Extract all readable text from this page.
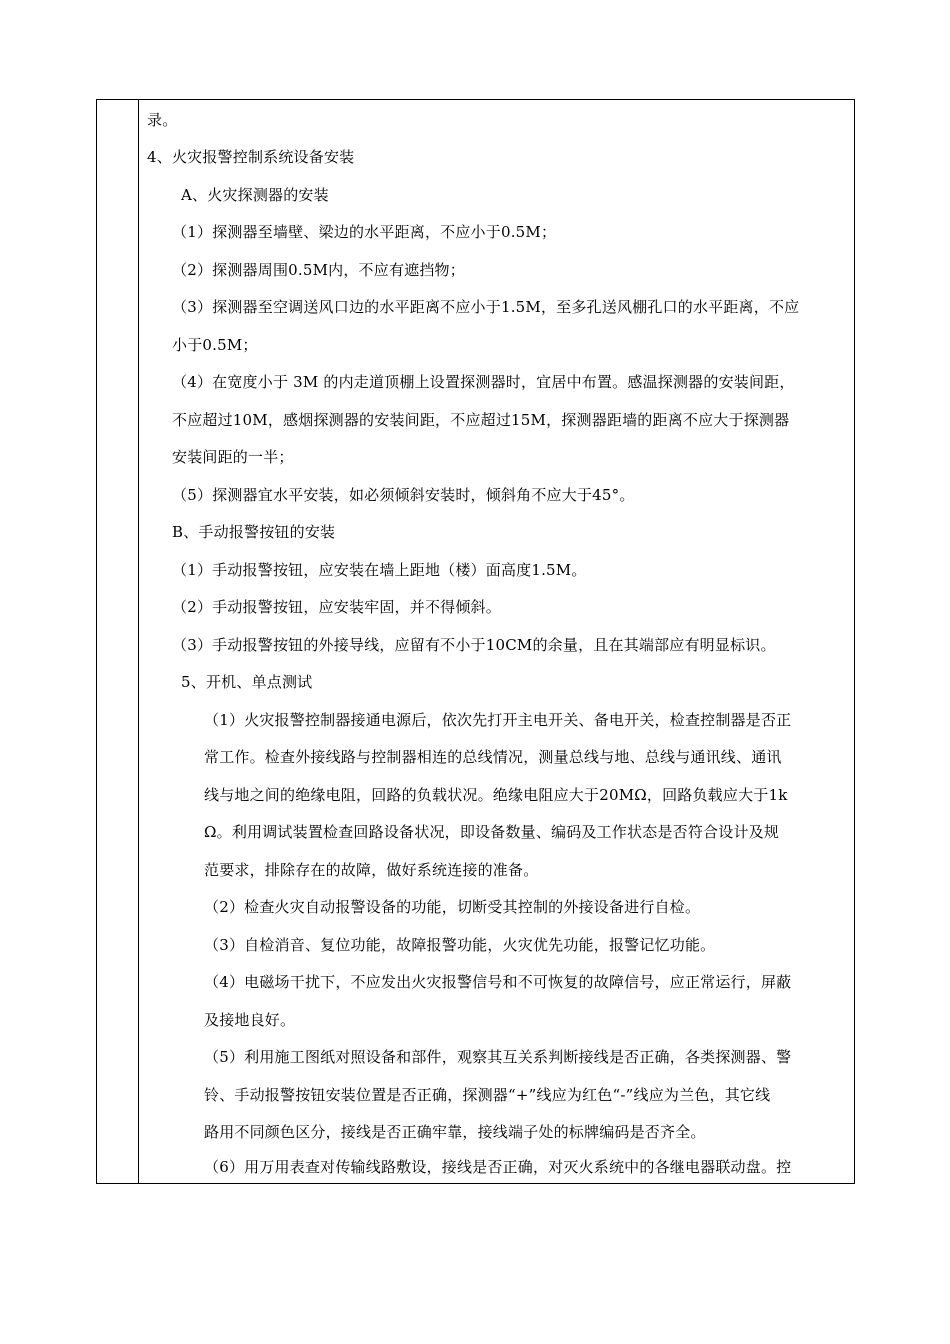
录。
4、火灾报警控制系统设备安装
A、火灾探测器的安装
（1）探测器至墙壁、梁边的水平距离，不应小于0.5M；
（2）探测器周围0.5M内，不应有遮挡物；
（3）探测器至空调送风口边的水平距离不应小于1.5M，至多孔送风棚孔口的水平距离，不应
小于0.5M；
（4）在宽度小于 3M 的内走道顶棚上设置探测器时，宜居中布置。感温探测器的安装间距，
不应超过10M，感烟探测器的安装间距，不应超过15M，探测器距墙的距离不应大于探测器
安装间距的一半；
（5）探测器宜水平安装，如必须倾斜安装时，倾斜角不应大于45°。
B、手动报警按钮的安装
（1）手动报警按钮，应安装在墙上距地（楼）面高度1.5M。
（2）手动报警按钮，应安装牢固，并不得倾斜。
（3）手动报警按钮的外接导线，应留有不小于10CM的余量，且在其端部应有明显标识。
5、开机、单点测试
（1）火灾报警控制器接通电源后，依次先打开主电开关、备电开关，检查控制器是否正
常工作。检查外接线路与控制器相连的总线情况，测量总线与地、总线与通讯线、通讯
线与地之间的绝缘电阻，回路的负载状况。绝缘电阻应大于20MΩ，回路负载应大于1k
Ω。利用调试装置检查回路设备状况，即设备数量、编码及工作状态是否符合设计及规
范要求，排除存在的故障，做好系统连接的准备。
（2）检查火灾自动报警设备的功能，切断受其控制的外接设备进行自检。
（3）自检消音、复位功能，故障报警功能，火灾优先功能，报警记忆功能。
（4）电磁场干扰下，不应发出火灾报警信号和不可恢复的故障信号，应正常运行，屏蔽
及接地良好。
（5）利用施工图纸对照设备和部件，观察其互关系判断接线是否正确，各类探测器、警
铃、手动报警按钮安装位置是否正确，探测器“+”线应为红色“-”线应为兰色，其它线
路用不同颜色区分，接线是否正确牢靠，接线端子处的标牌编码是否齐全。
（6）用万用表查对传输线路敷设，接线是否正确，对灭火系统中的各继电器联动盘。控
